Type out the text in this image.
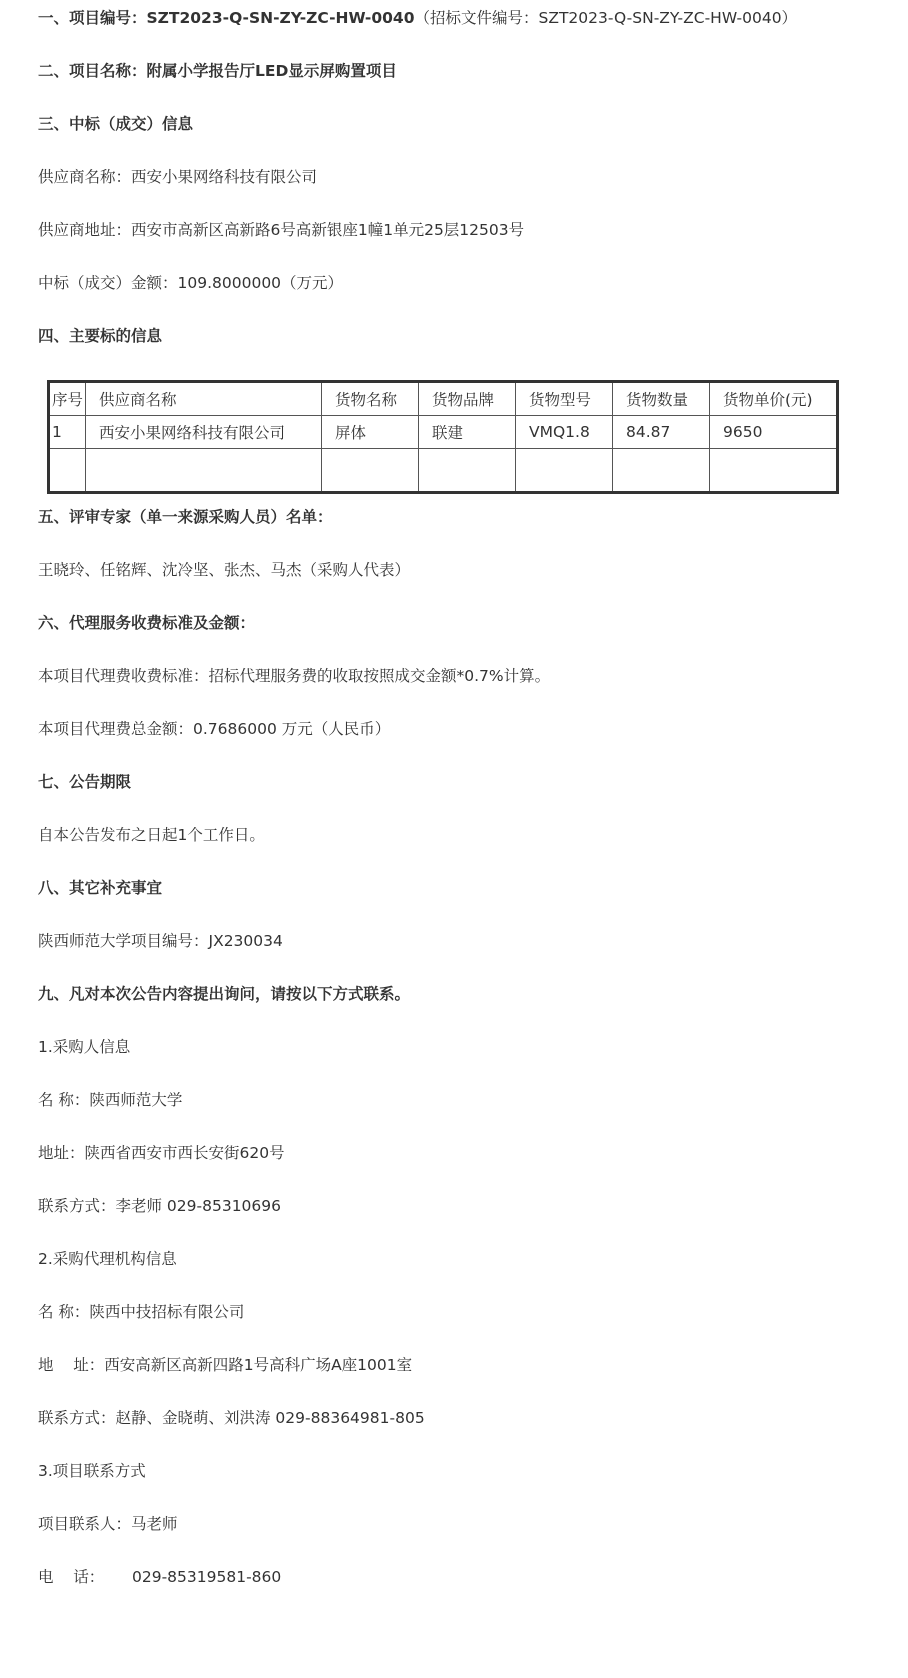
一、项目编号：SZT2023-Q-SN-ZY-ZC-HW-0040（招标文件编号：SZT2023-Q-SN-ZY-ZC-HW-0040）
二、项目名称：附属小学报告厅LED显示屏购置项目
三、中标（成交）信息
供应商名称：西安小果网络科技有限公司
供应商地址：西安市高新区高新路6号高新银座1幢1单元25层12503号
中标（成交）金额：109.8000000（万元）
四、主要标的信息
序号	供应商名称	货物名称	货物品牌	货物型号	货物数量	货物单价(元)
1	西安小果网络科技有限公司	屏体	联建	VMQ1.8	84.87	9650

五、评审专家（单一来源采购人员）名单：
王晓玲、任铭辉、沈冷坚、张杰、马杰（采购人代表）
六、代理服务收费标准及金额：
本项目代理费收费标准：招标代理服务费的收取按照成交金额*0.7%计算。
本项目代理费总金额：0.7686000 万元（人民币）
七、公告期限
自本公告发布之日起1个工作日。
八、其它补充事宜
陕西师范大学项目编号：JX230034
九、凡对本次公告内容提出询问，请按以下方式联系。
1.采购人信息
名 称：陕西师范大学
地址：陕西省西安市西长安街620号
联系方式：李老师 029-85310696
2.采购代理机构信息
名 称：陕西中技招标有限公司
地    址：西安高新区高新四路1号高科广场A座1001室
联系方式：赵静、金晓萌、刘洪涛 029-88364981-805
3.项目联系方式
项目联系人：马老师
电    话： 029-85319581-860
